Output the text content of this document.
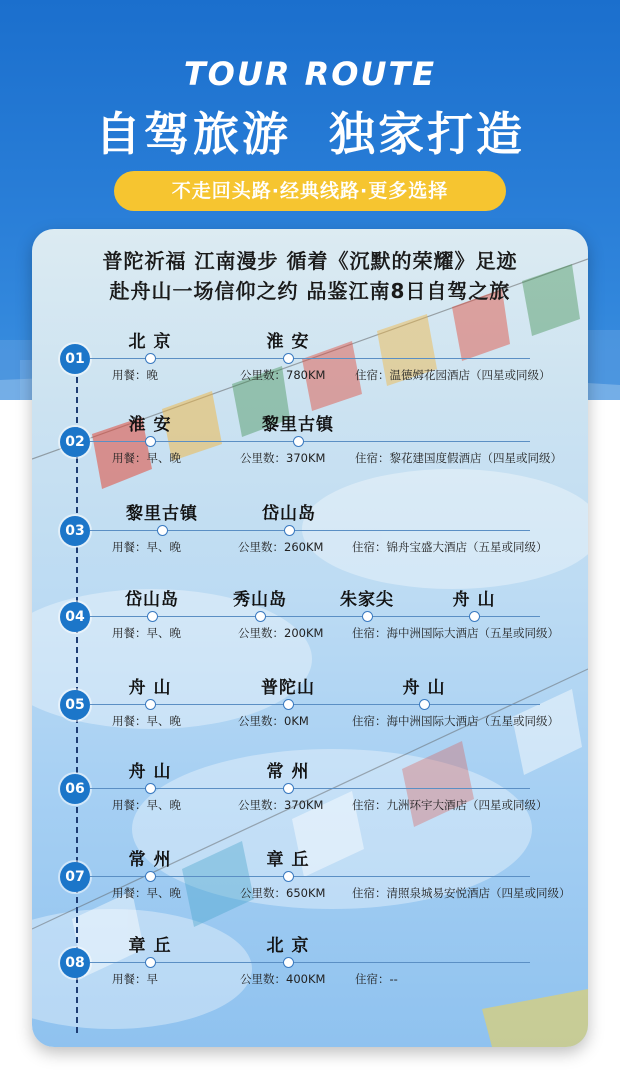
TOUR ROUTE
自驾旅游  独家打造
不走回头路·经典线路·更多选择
普陀祈福 江南漫步 循着《沉默的荣耀》足迹
赴舟山一场信仰之约 品鉴江南8日自驾之旅
01
北 京	淮 安
用餐：晚	公里数：780KM	住宿：温德姆花园酒店（四星或同级）
02
淮 安	黎里古镇
用餐：早、晚	公里数：370KM	住宿：黎花建国度假酒店（四星或同级）
03
黎里古镇	岱山岛
用餐：早、晚	公里数：260KM 住宿：锦舟宝盛大酒店（五星或同级）
04
岱山岛	秀山岛	朱家尖	舟 山
用餐：早、晚	公里数：200KM 住宿：海中洲国际大酒店（五星或同级）
05
舟 山	普陀山	舟 山
用餐：早、晚	公里数：0KM	住宿：海中洲国际大酒店（五星或同级）
06
舟 山	常 州
用餐：早、晚	公里数：370KM 住宿：九洲环宇大酒店（四星或同级）
07
常 州	章 丘
用餐：早、晚	公里数：650KM 住宿：清照泉城易安悦酒店（四星或同级）
08
章 丘	北 京
用餐：早	公里数：400KM	住宿：--
